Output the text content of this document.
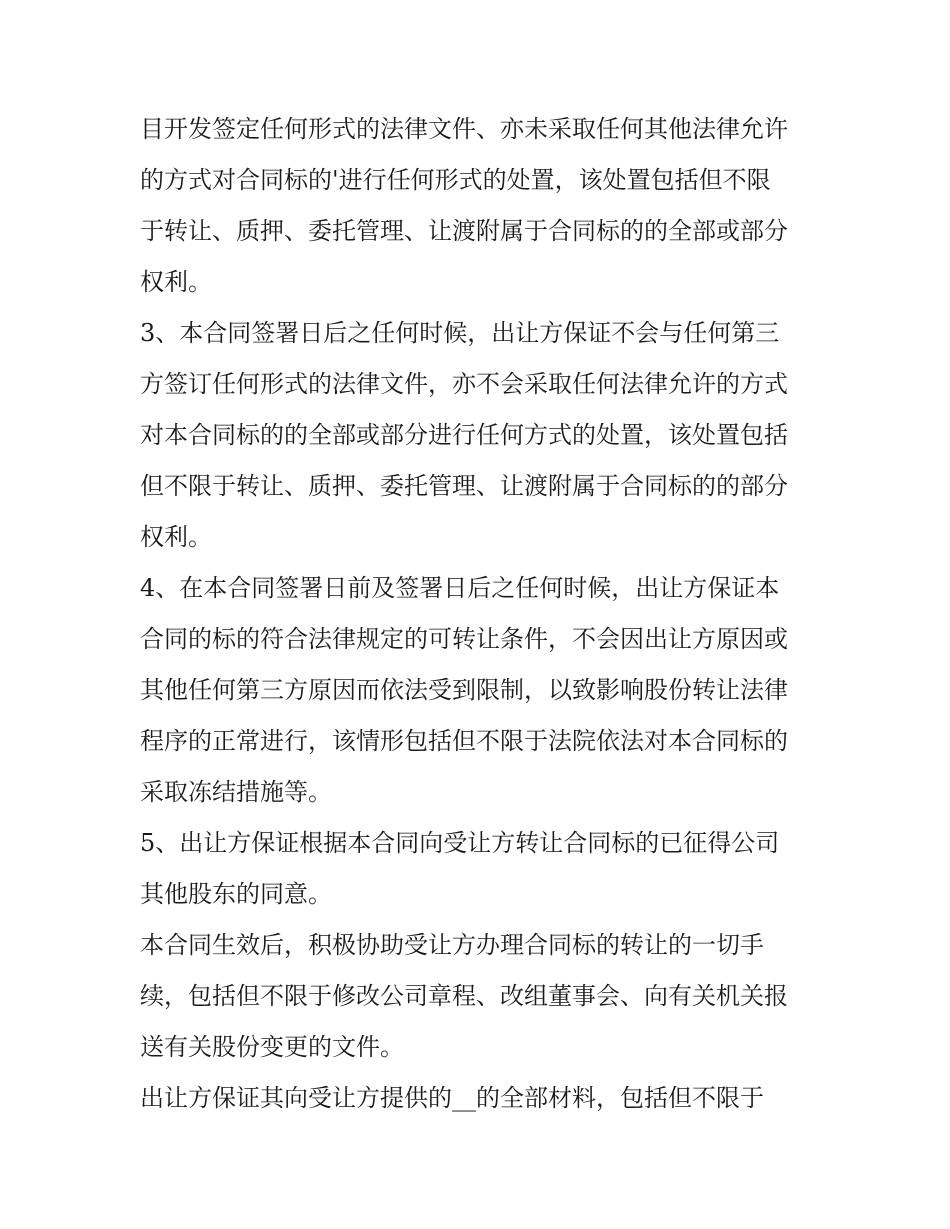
目开发签定任何形式的法律文件、亦未采取任何其他法律允许
的方式对合同标的'进行任何形式的处置，该处置包括但不限
于转让、质押、委托管理、让渡附属于合同标的的全部或部分
权利。
3、本合同签署日后之任何时候，出让方保证不会与任何第三
方签订任何形式的法律文件，亦不会采取任何法律允许的方式
对本合同标的的全部或部分进行任何方式的处置，该处置包括
但不限于转让、质押、委托管理、让渡附属于合同标的的部分
权利。
4、在本合同签署日前及签署日后之任何时候，出让方保证本
合同的标的符合法律规定的可转让条件，不会因出让方原因或
其他任何第三方原因而依法受到限制，以致影响股份转让法律
程序的正常进行，该情形包括但不限于法院依法对本合同标的
采取冻结措施等。
5、出让方保证根据本合同向受让方转让合同标的已征得公司
其他股东的同意。
本合同生效后，积极协助受让方办理合同标的转让的一切手
续，包括但不限于修改公司章程、改组董事会、向有关机关报
送有关股份变更的文件。
出让方保证其向受让方提供的__的全部材料，包括但不限于
